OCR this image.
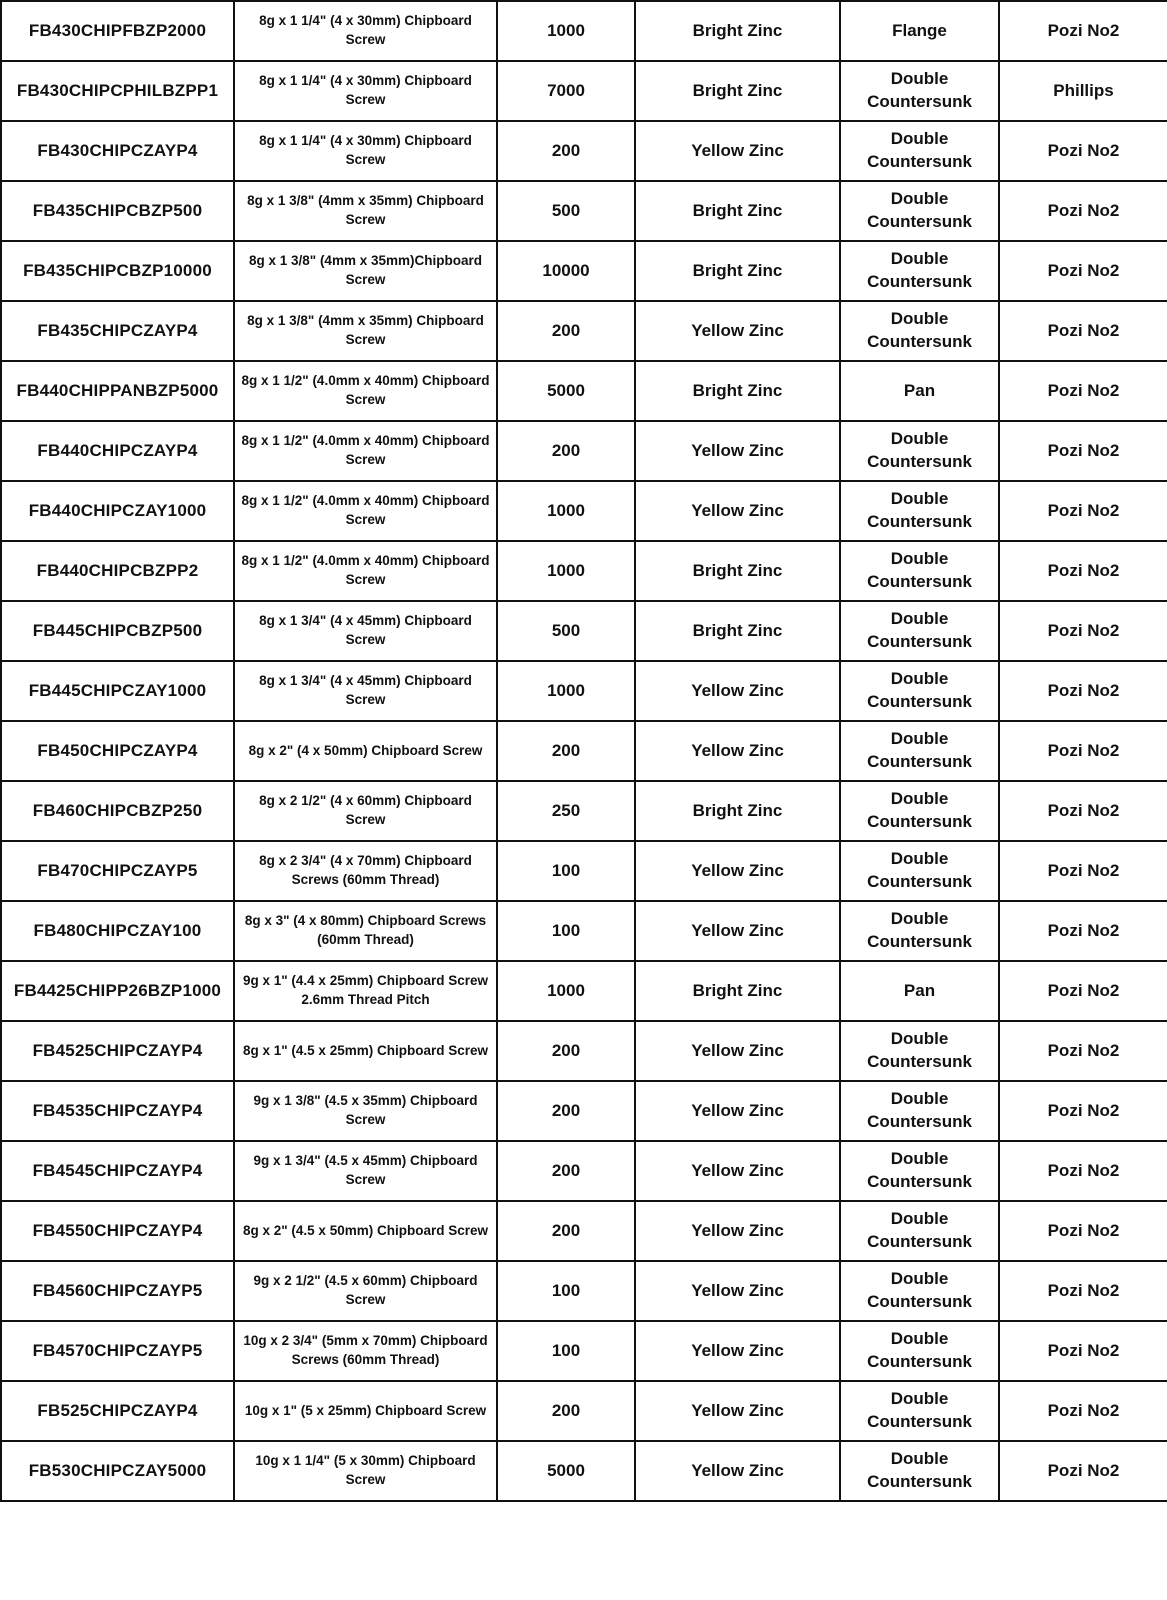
FB430CHIPFBZP2000	8g x 1 1/4" (4 x 30mm) Chipboard Screw	1000	Bright Zinc	Flange	Pozi No2
FB430CHIPCPHILBZPP1	8g x 1 1/4" (4 x 30mm) Chipboard Screw	7000	Bright Zinc	Double Countersunk	Phillips
FB430CHIPCZAYP4	8g x 1 1/4" (4 x 30mm) Chipboard Screw	200	Yellow Zinc	Double Countersunk	Pozi No2
FB435CHIPCBZP500	8g x 1 3/8" (4mm x 35mm) Chipboard Screw	500	Bright Zinc	Double Countersunk	Pozi No2
FB435CHIPCBZP10000	8g x 1 3/8" (4mm x 35mm)Chipboard Screw	10000	Bright Zinc	Double Countersunk	Pozi No2
FB435CHIPCZAYP4	8g x 1 3/8" (4mm x 35mm) Chipboard Screw	200	Yellow Zinc	Double Countersunk	Pozi No2
FB440CHIPPANBZP5000	8g x 1 1/2" (4.0mm x 40mm) Chipboard Screw	5000	Bright Zinc	Pan	Pozi No2
FB440CHIPCZAYP4	8g x 1 1/2" (4.0mm x 40mm) Chipboard Screw	200	Yellow Zinc	Double Countersunk	Pozi No2
FB440CHIPCZAY1000	8g x 1 1/2" (4.0mm x 40mm) Chipboard Screw	1000	Yellow Zinc	Double Countersunk	Pozi No2
FB440CHIPCBZPP2	8g x 1 1/2" (4.0mm x 40mm) Chipboard Screw	1000	Bright Zinc	Double Countersunk	Pozi No2
FB445CHIPCBZP500	8g x 1 3/4" (4 x 45mm) Chipboard Screw	500	Bright Zinc	Double Countersunk	Pozi No2
FB445CHIPCZAY1000	8g x 1 3/4" (4 x 45mm) Chipboard Screw	1000	Yellow Zinc	Double Countersunk	Pozi No2
FB450CHIPCZAYP4	8g x 2" (4 x 50mm) Chipboard Screw	200	Yellow Zinc	Double Countersunk	Pozi No2
FB460CHIPCBZP250	8g x 2 1/2" (4 x 60mm) Chipboard Screw	250	Bright Zinc	Double Countersunk	Pozi No2
FB470CHIPCZAYP5	8g x 2 3/4" (4 x 70mm) Chipboard Screws (60mm Thread)	100	Yellow Zinc	Double Countersunk	Pozi No2
FB480CHIPCZAY100	8g x 3" (4 x 80mm) Chipboard Screws (60mm Thread)	100	Yellow Zinc	Double Countersunk	Pozi No2
FB4425CHIPP26BZP1000	9g x 1" (4.4 x 25mm) Chipboard Screw 2.6mm Thread Pitch	1000	Bright Zinc	Pan	Pozi No2
FB4525CHIPCZAYP4	8g x 1" (4.5 x 25mm) Chipboard Screw	200	Yellow Zinc	Double Countersunk	Pozi No2
FB4535CHIPCZAYP4	9g x 1 3/8" (4.5 x 35mm) Chipboard Screw	200	Yellow Zinc	Double Countersunk	Pozi No2
FB4545CHIPCZAYP4	9g x 1 3/4" (4.5 x 45mm) Chipboard Screw	200	Yellow Zinc	Double Countersunk	Pozi No2
FB4550CHIPCZAYP4	8g x 2" (4.5 x 50mm) Chipboard Screw	200	Yellow Zinc	Double Countersunk	Pozi No2
FB4560CHIPCZAYP5	9g x 2 1/2" (4.5 x 60mm) Chipboard Screw	100	Yellow Zinc	Double Countersunk	Pozi No2
FB4570CHIPCZAYP5	10g x 2 3/4" (5mm x 70mm) Chipboard Screws (60mm Thread)	100	Yellow Zinc	Double Countersunk	Pozi No2
FB525CHIPCZAYP4	10g x 1" (5 x 25mm) Chipboard Screw	200	Yellow Zinc	Double Countersunk	Pozi No2
FB530CHIPCZAY5000	10g x 1 1/4" (5 x 30mm) Chipboard Screw	5000	Yellow Zinc	Double Countersunk	Pozi No2
